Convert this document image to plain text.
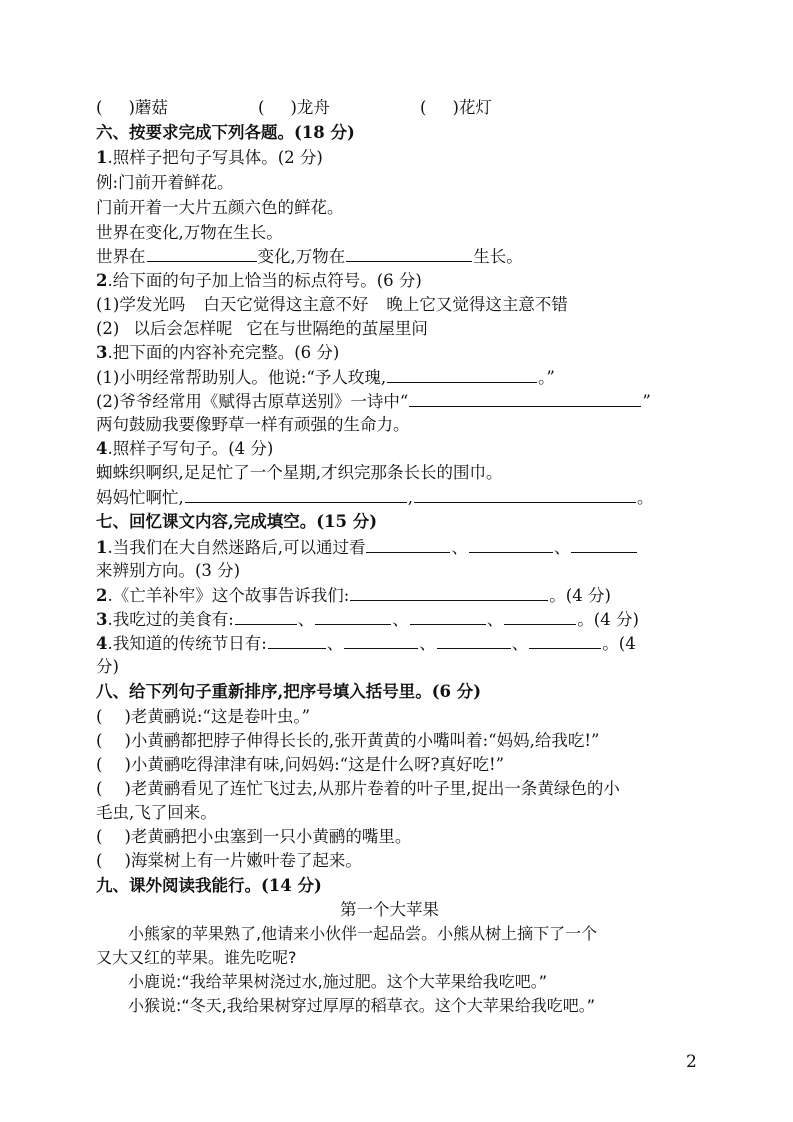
( )蘑菇	( )龙舟	( )花灯
六、按要求完成下列各题。(18 分)
1.照样子把句子写具体。(2 分)
例:门前开着鲜花。
门前开着一大片五颜六色的鲜花。
世界在变化,万物在生长。
世界在	变化,万物在	生长。
2.给下面的句子加上恰当的标点符号。(6 分)
(1)学发光吗 白天它觉得这主意不好 晚上它又觉得这主意不错
(2) 以后会怎样呢 它在与世隔绝的茧屋里问
3.把下面的内容补充完整。(6 分)
(1)小明经常帮助别人。他说:“予人玫瑰,	。”
(2)爷爷经常用《赋得古原草送别》一诗中“	”
两句鼓励我要像野草一样有顽强的生命力。
4.照样子写句子。(4 分)
蜘蛛织啊织,足足忙了一个星期,才织完那条长长的围巾。
妈妈忙啊忙,	,	。
七、回忆课文内容,完成填空。(15 分)
1.当我们在大自然迷路后,可以通过看	、	、
来辨别方向。(3 分)
2.《亡羊补牢》这个故事告诉我们:	。(4 分)
3.我吃过的美食有:	、	、	、	。(4 分)
4.我知道的传统节日有:	、	、	、	。(4
分)
八、给下列句子重新排序,把序号填入括号里。(6 分)
( )老黄鹂说:“这是卷叶虫。”
( )小黄鹂都把脖子伸得长长的,张开黄黄的小嘴叫着:“妈妈,给我吃!”
( )小黄鹂吃得津津有味,问妈妈:“这是什么呀?真好吃!”
( )老黄鹂看见了连忙飞过去,从那片卷着的叶子里,捉出一条黄绿色的小
毛虫,飞了回来。
( )老黄鹂把小虫塞到一只小黄鹂的嘴里。
( )海棠树上有一片嫩叶卷了起来。
九、课外阅读我能行。(14 分)
第一个大苹果
小熊家的苹果熟了,他请来小伙伴一起品尝。小熊从树上摘下了一个
又大又红的苹果。谁先吃呢?
小鹿说:“我给苹果树浇过水,施过肥。这个大苹果给我吃吧。”
小猴说:“冬天,我给果树穿过厚厚的稻草衣。这个大苹果给我吃吧。”
2
